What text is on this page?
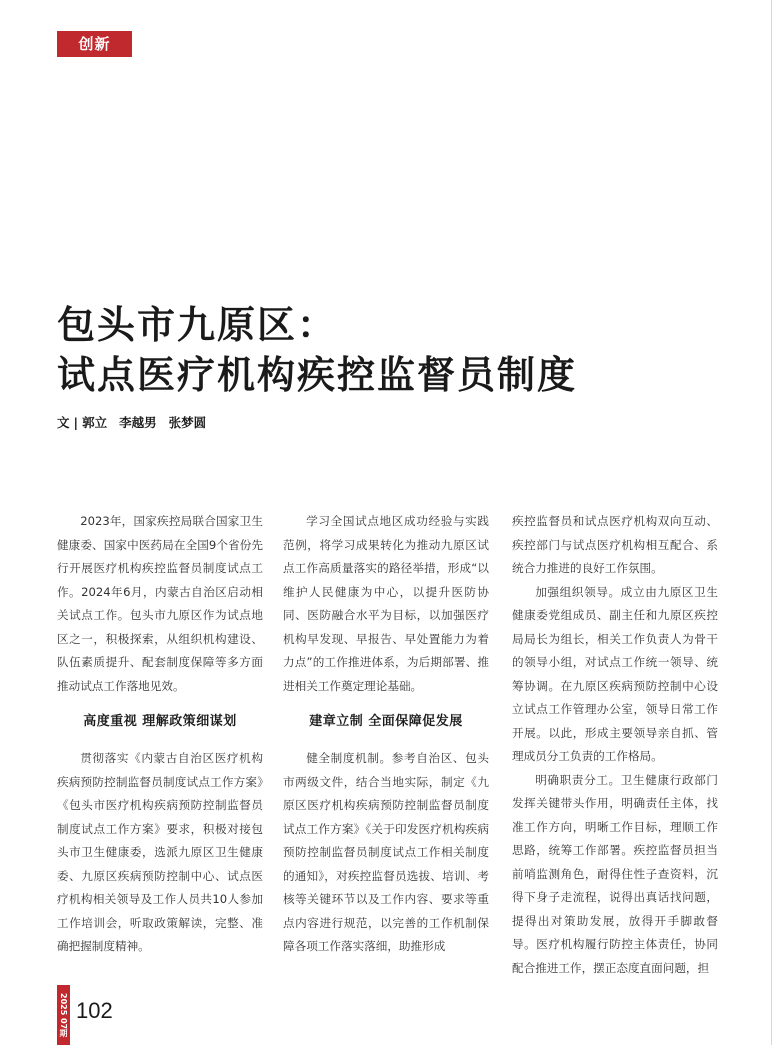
创新
包头市九原区：
试点医疗机构疾控监督员制度
文 | 郭立 李越男 张梦圆

2023年，国家疾控局联合国家卫生健康委、国家中医药局在全国9个省份先行开展医疗机构疾控监督员制度试点工作。2024年6月，内蒙古自治区启动相关试点工作。包头市九原区作为试点地区之一，积极探索，从组织机构建设、队伍素质提升、配套制度保障等多方面推动试点工作落地见效。

高度重视 理解政策细谋划

贯彻落实《内蒙古自治区医疗机构疾病预防控制监督员制度试点工作方案》《包头市医疗机构疾病预防控制监督员制度试点工作方案》要求，积极对接包头市卫生健康委，选派九原区卫生健康委、九原区疾病预防控制中心、试点医疗机构相关领导及工作人员共10人参加工作培训会，听取政策解读，完整、准确把握制度精神。

学习全国试点地区成功经验与实践范例，将学习成果转化为推动九原区试点工作高质量落实的路径举措，形成“以维护人民健康为中心，以提升医防协同、医防融合水平为目标，以加强医疗机构早发现、早报告、早处置能力为着力点”的工作推进体系，为后期部署、推进相关工作奠定理论基础。

建章立制 全面保障促发展

健全制度机制。参考自治区、包头市两级文件，结合当地实际，制定《九原区医疗机构疾病预防控制监督员制度试点工作方案》《关于印发医疗机构疾病预防控制监督员制度试点工作相关制度的通知》，对疾控监督员选拔、培训、考核等关键环节以及工作内容、要求等重点内容进行规范，以完善的工作机制保障各项工作落实落细，助推形成

疾控监督员和试点医疗机构双向互动、疾控部门与试点医疗机构相互配合、系统合力推进的良好工作氛围。

加强组织领导。成立由九原区卫生健康委党组成员、副主任和九原区疾控局局长为组长，相关工作负责人为骨干的领导小组，对试点工作统一领导、统筹协调。在九原区疾病预防控制中心设立试点工作管理办公室，领导日常工作开展。以此，形成主要领导亲自抓、管理成员分工负责的工作格局。

明确职责分工。卫生健康行政部门发挥关键带头作用，明确责任主体，找准工作方向，明晰工作目标，理顺工作思路，统筹工作部署。疾控监督员担当前哨监测角色，耐得住性子查资料，沉得下身子走流程，说得出真话找问题，提得出对策助发展，放得开手脚敢督导。医疗机构履行防控主体责任，协同配合推进工作，摆正态度直面问题，担

2025 07期 102
